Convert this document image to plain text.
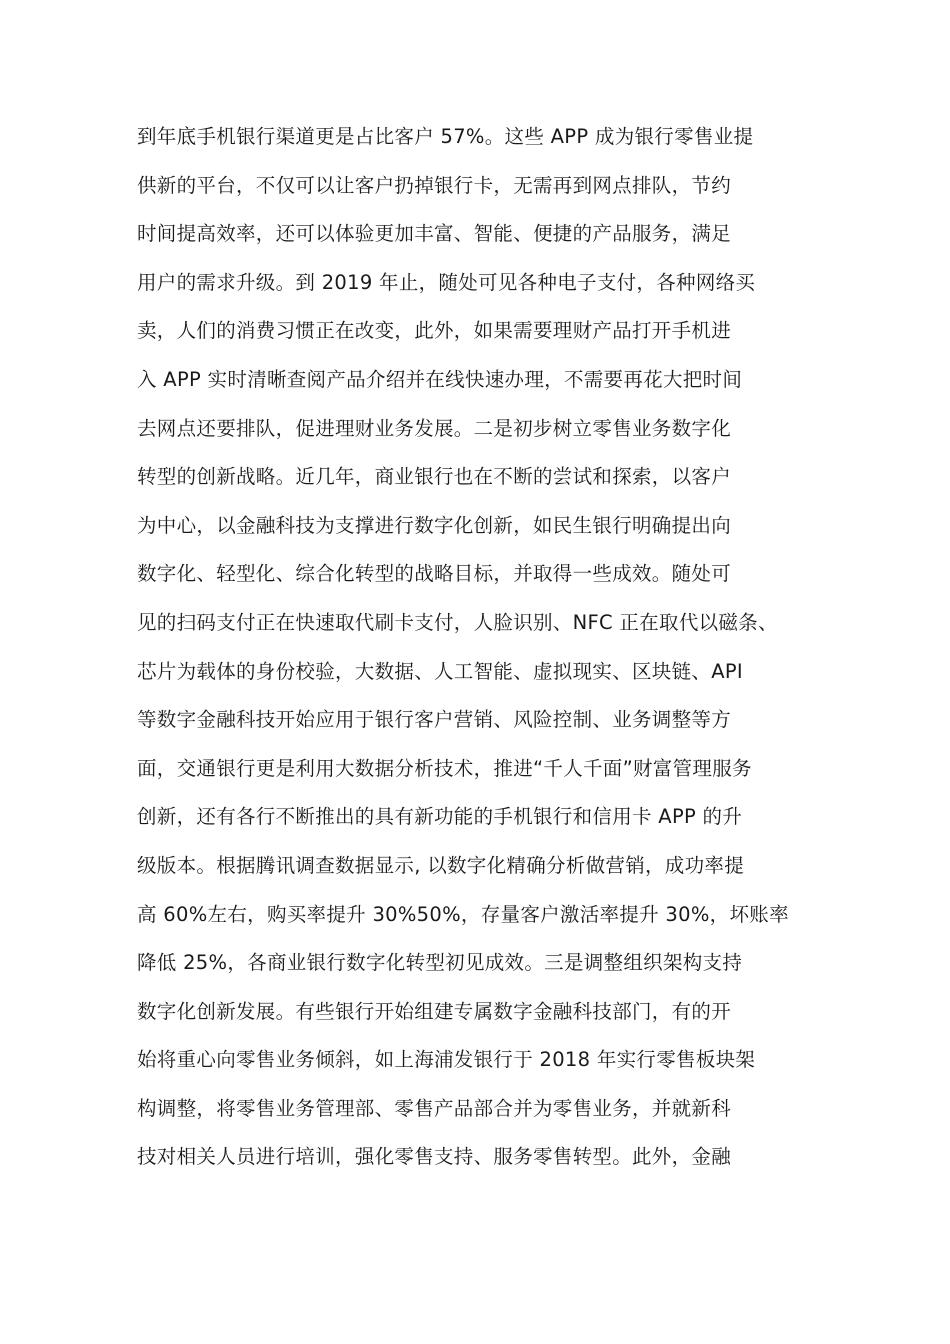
到年底手机银行渠道更是占比客户 57%。这些 APP 成为银行零售业提
供新的平台，不仅可以让客户扔掉银行卡，无需再到网点排队，节约
时间提高效率，还可以体验更加丰富、智能、便捷的产品服务，满足
用户的需求升级。到 2019 年止，随处可见各种电子支付，各种网络买
卖，人们的消费习惯正在改变，此外，如果需要理财产品打开手机进
入 APP 实时清晰查阅产品介绍并在线快速办理，不需要再花大把时间
去网点还要排队，促进理财业务发展。二是初步树立零售业务数字化
转型的创新战略。近几年，商业银行也在不断的尝试和探索，以客户
为中心，以金融科技为支撑进行数字化创新，如民生银行明确提出向
数字化、轻型化、综合化转型的战略目标，并取得一些成效。随处可
见的扫码支付正在快速取代刷卡支付，人脸识别、NFC 正在取代以磁条、
芯片为载体的身份校验，大数据、人工智能、虚拟现实、区块链、API
等数字金融科技开始应用于银行客户营销、风险控制、业务调整等方
面，交通银行更是利用大数据分析技术，推进“千人千面”财富管理服务
创新，还有各行不断推出的具有新功能的手机银行和信用卡 APP 的升
级版本。根据腾讯调查数据显示, 以数字化精确分析做营销，成功率提
高 60%左右，购买率提升 30%50%，存量客户激活率提升 30%，坏账率
降低 25%，各商业银行数字化转型初见成效。三是调整组织架构支持
数字化创新发展。有些银行开始组建专属数字金融科技部门，有的开
始将重心向零售业务倾斜，如上海浦发银行于 2018 年实行零售板块架
构调整，将零售业务管理部、零售产品部合并为零售业务，并就新科
技对相关人员进行培训，强化零售支持、服务零售转型。此外，金融
